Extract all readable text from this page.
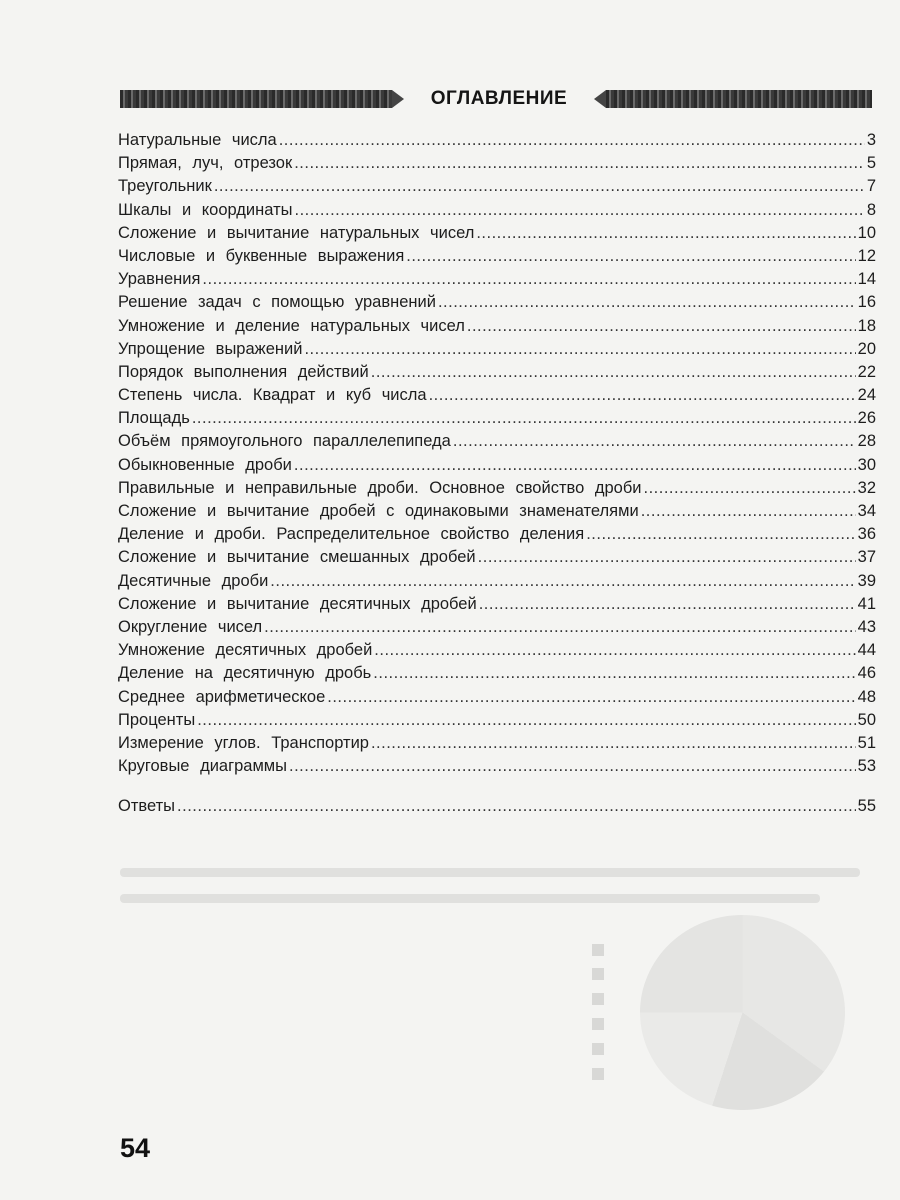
ОГЛАВЛЕНИЕ
Натуральные числа .....	3
Прямая, луч, отрезок .....	5
Треугольник .....	7
Шкалы и координаты .....	8
Сложение и вычитание натуральных чисел .....	10
Числовые и буквенные выражения .....	12
Уравнения .....	14
Решение задач с помощью уравнений .....	16
Умножение и деление натуральных чисел .....	18
Упрощение выражений .....	20
Порядок выполнения действий .....	22
Степень числа. Квадрат и куб числа .....	24
Площадь .....	26
Объём прямоугольного параллелепипеда .....	28
Обыкновенные дроби .....	30
Правильные и неправильные дроби. Основное свойство дроби .....	32
Сложение и вычитание дробей с одинаковыми знаменателями .....	34
Деление и дроби. Распределительное свойство деления .....	36
Сложение и вычитание смешанных дробей .....	37
Десятичные дроби .....	39
Сложение и вычитание десятичных дробей .....	41
Округление чисел .....	43
Умножение десятичных дробей .....	44
Деление на десятичную дробь .....	46
Среднее арифметическое .....	48
Проценты .....	50
Измерение углов. Транспортир .....	51
Круговые диаграммы .....	53
Ответы .....	55
54
